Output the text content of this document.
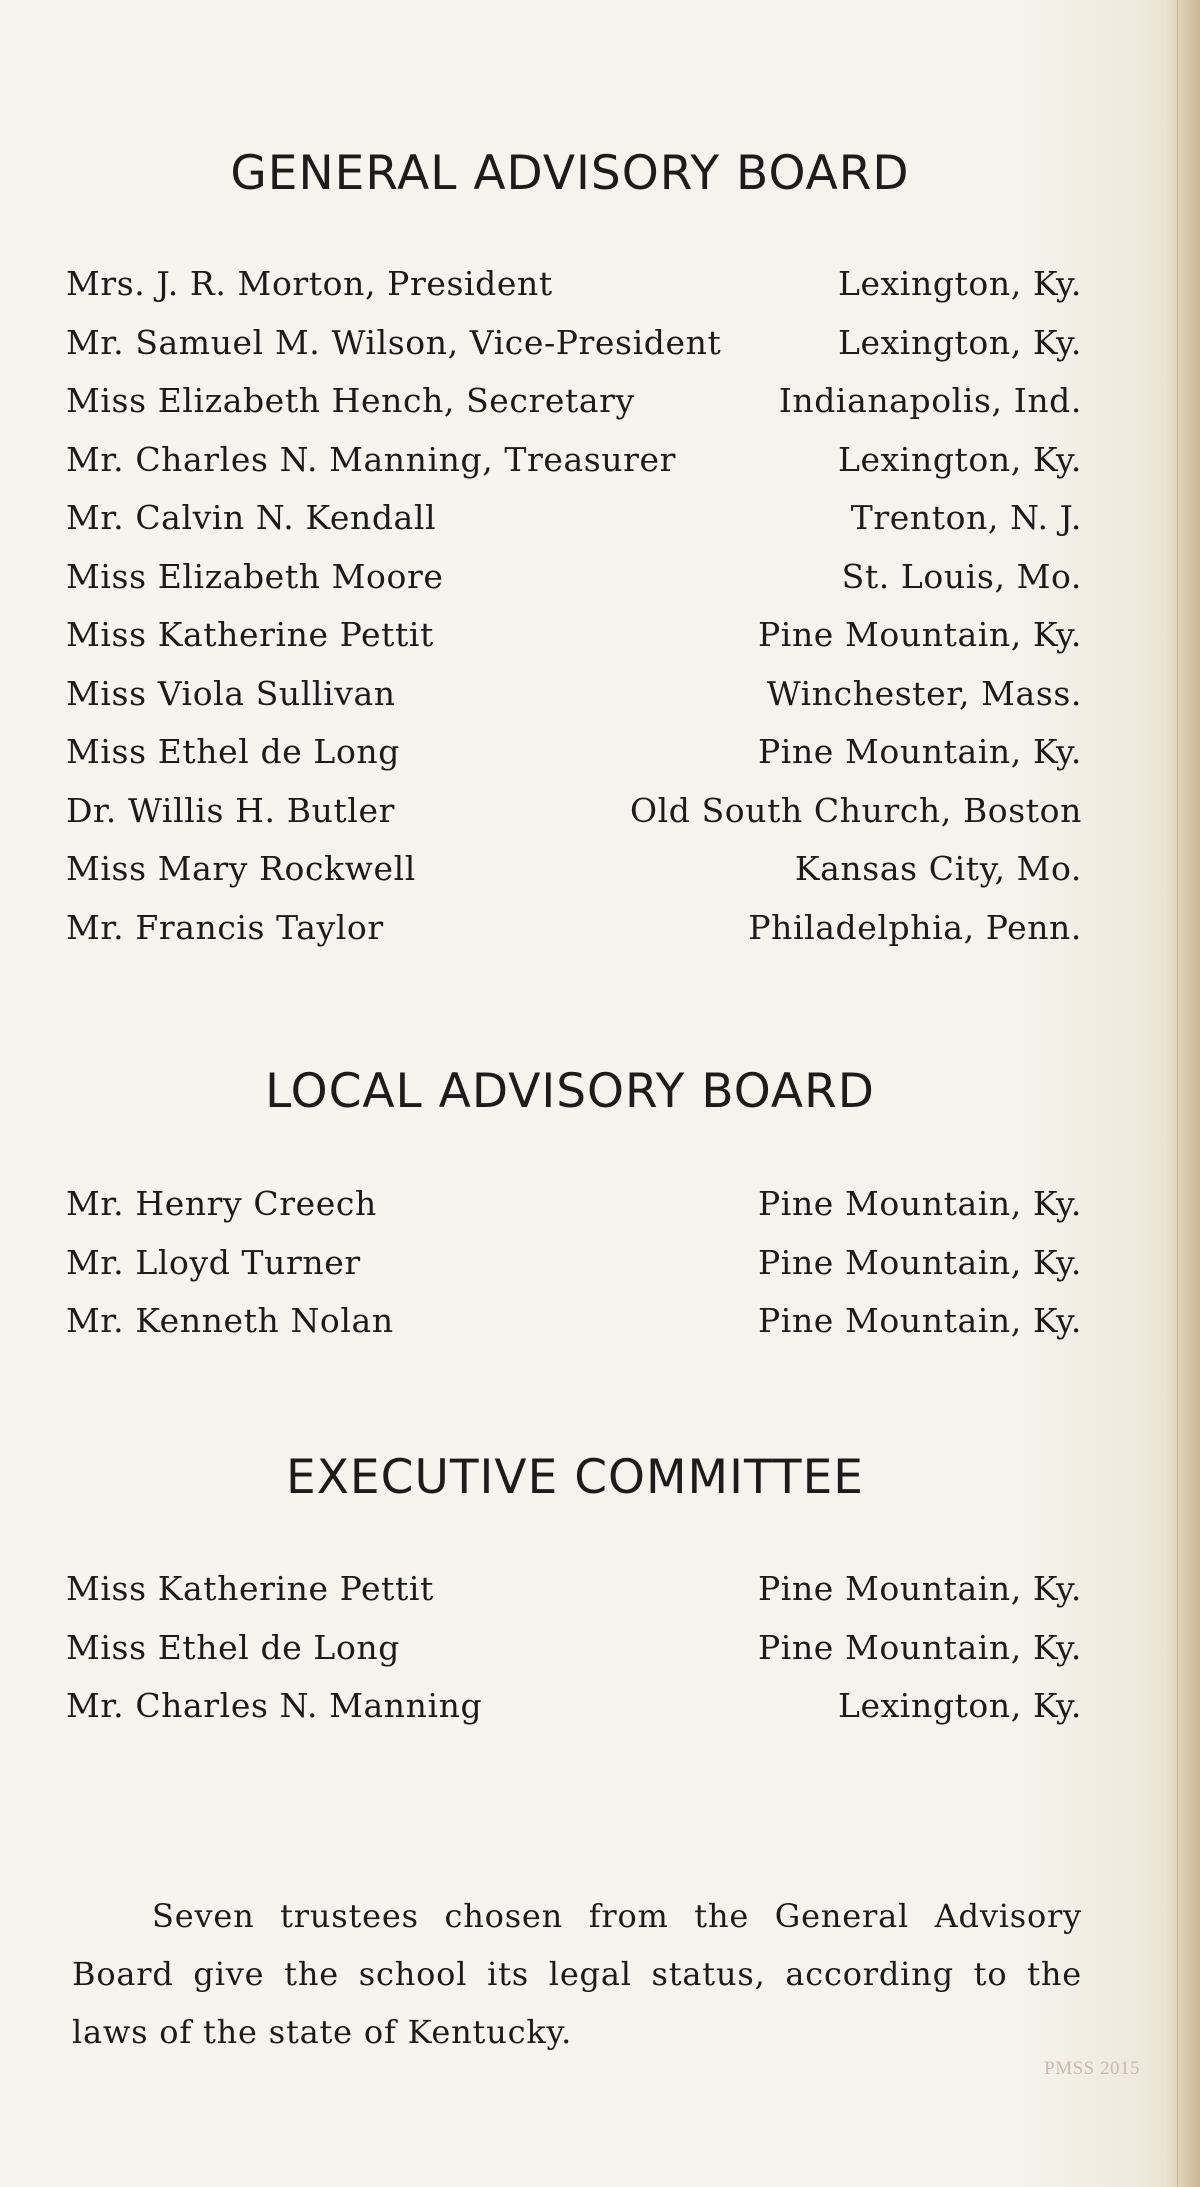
GENERAL ADVISORY BOARD
Mrs. J. R. Morton, President	Lexington, Ky.
Mr. Samuel M. Wilson, Vice-President	Lexington, Ky.
Miss Elizabeth Hench, Secretary	Indianapolis, Ind.
Mr. Charles N. Manning, Treasurer	Lexington, Ky.
Mr. Calvin N. Kendall	Trenton, N. J.
Miss Elizabeth Moore	St. Louis, Mo.
Miss Katherine Pettit	Pine Mountain, Ky.
Miss Viola Sullivan	Winchester, Mass.
Miss Ethel de Long	Pine Mountain, Ky.
Dr. Willis H. Butler	Old South Church, Boston
Miss Mary Rockwell	Kansas City, Mo.
Mr. Francis Taylor	Philadelphia, Penn.
LOCAL ADVISORY BOARD
Mr. Henry Creech	Pine Mountain, Ky.
Mr. Lloyd Turner	Pine Mountain, Ky.
Mr. Kenneth Nolan	Pine Mountain, Ky.
EXECUTIVE COMMITTEE
Miss Katherine Pettit	Pine Mountain, Ky.
Miss Ethel de Long	Pine Mountain, Ky.
Mr. Charles N. Manning	Lexington, Ky.

Seven trustees chosen from the General Advisory Board give the school its legal status, according to the laws of the state of Kentucky.

PMSS 2015
